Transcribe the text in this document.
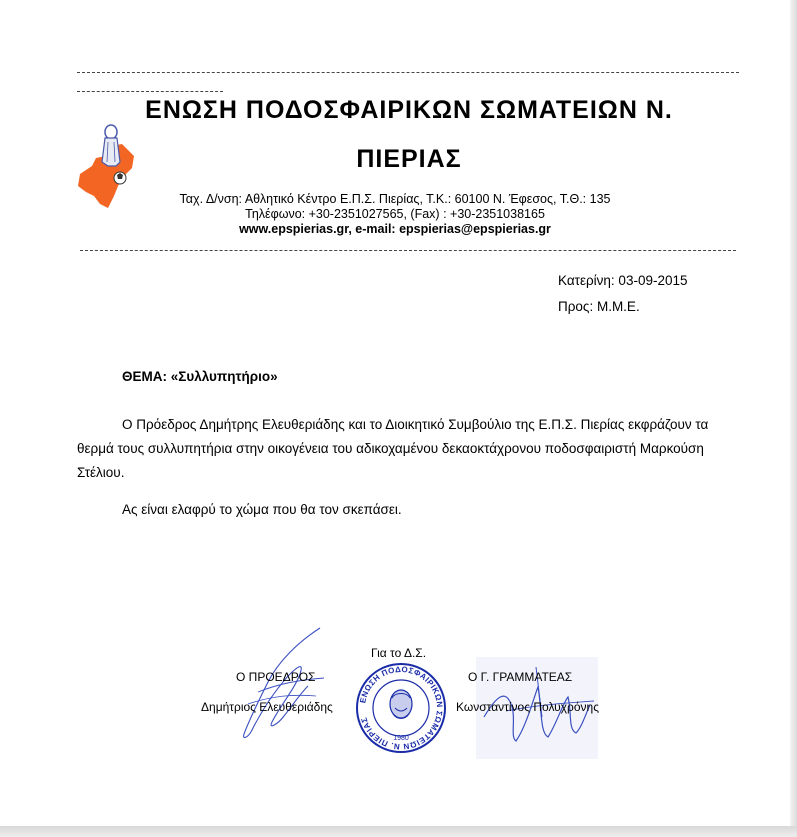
ΕΝΩΣΗ ΠΟΔΟΣΦΑΙΡΙΚΩΝ ΣΩΜΑΤΕΙΩΝ Ν.
ΠΙΕΡΙΑΣ
Ταχ. Δ/νση: Αθλητικό Κέντρο Ε.Π.Σ. Πιερίας, Τ.Κ.: 60100 Ν. Έφεσος, Τ.Θ.: 135
Τηλέφωνο: +30-2351027565, (Fax) : +30-2351038165
www.epspierias.gr, e-mail: epspierias@epspierias.gr
Κατερίνη: 03-09-2015
Προς: Μ.Μ.Ε.
ΘΕΜΑ: «Συλλυπητήριο»
Ο Πρόεδρος Δημήτρης Ελευθεριάδης και το Διοικητικό Συμβούλιο της Ε.Π.Σ. Πιερίας εκφράζουν τα θερμά τους συλλυπητήρια στην οικογένεια του αδικοχαμένου δεκαοκτάχρονου ποδοσφαιριστή Μαρκούση Στέλιου.
Ας είναι ελαφρύ το χώμα που θα τον σκεπάσει.
Για το Δ.Σ.
Ο ΠΡΟΕΔΡΟΣ
Δημήτριος Ελευθεριάδης	ΕΝΩΣΗ ΠΟΔΟΣΦΑΙΡΙΚΩΝ ΣΩΜΑΤΕΙΩΝ Ν. ΠΙΕΡΙΑΣ
1980
Ο Γ. ΓΡΑΜΜΑΤΕΑΣ
Κωνσταντίνος Πολυχρόνης
